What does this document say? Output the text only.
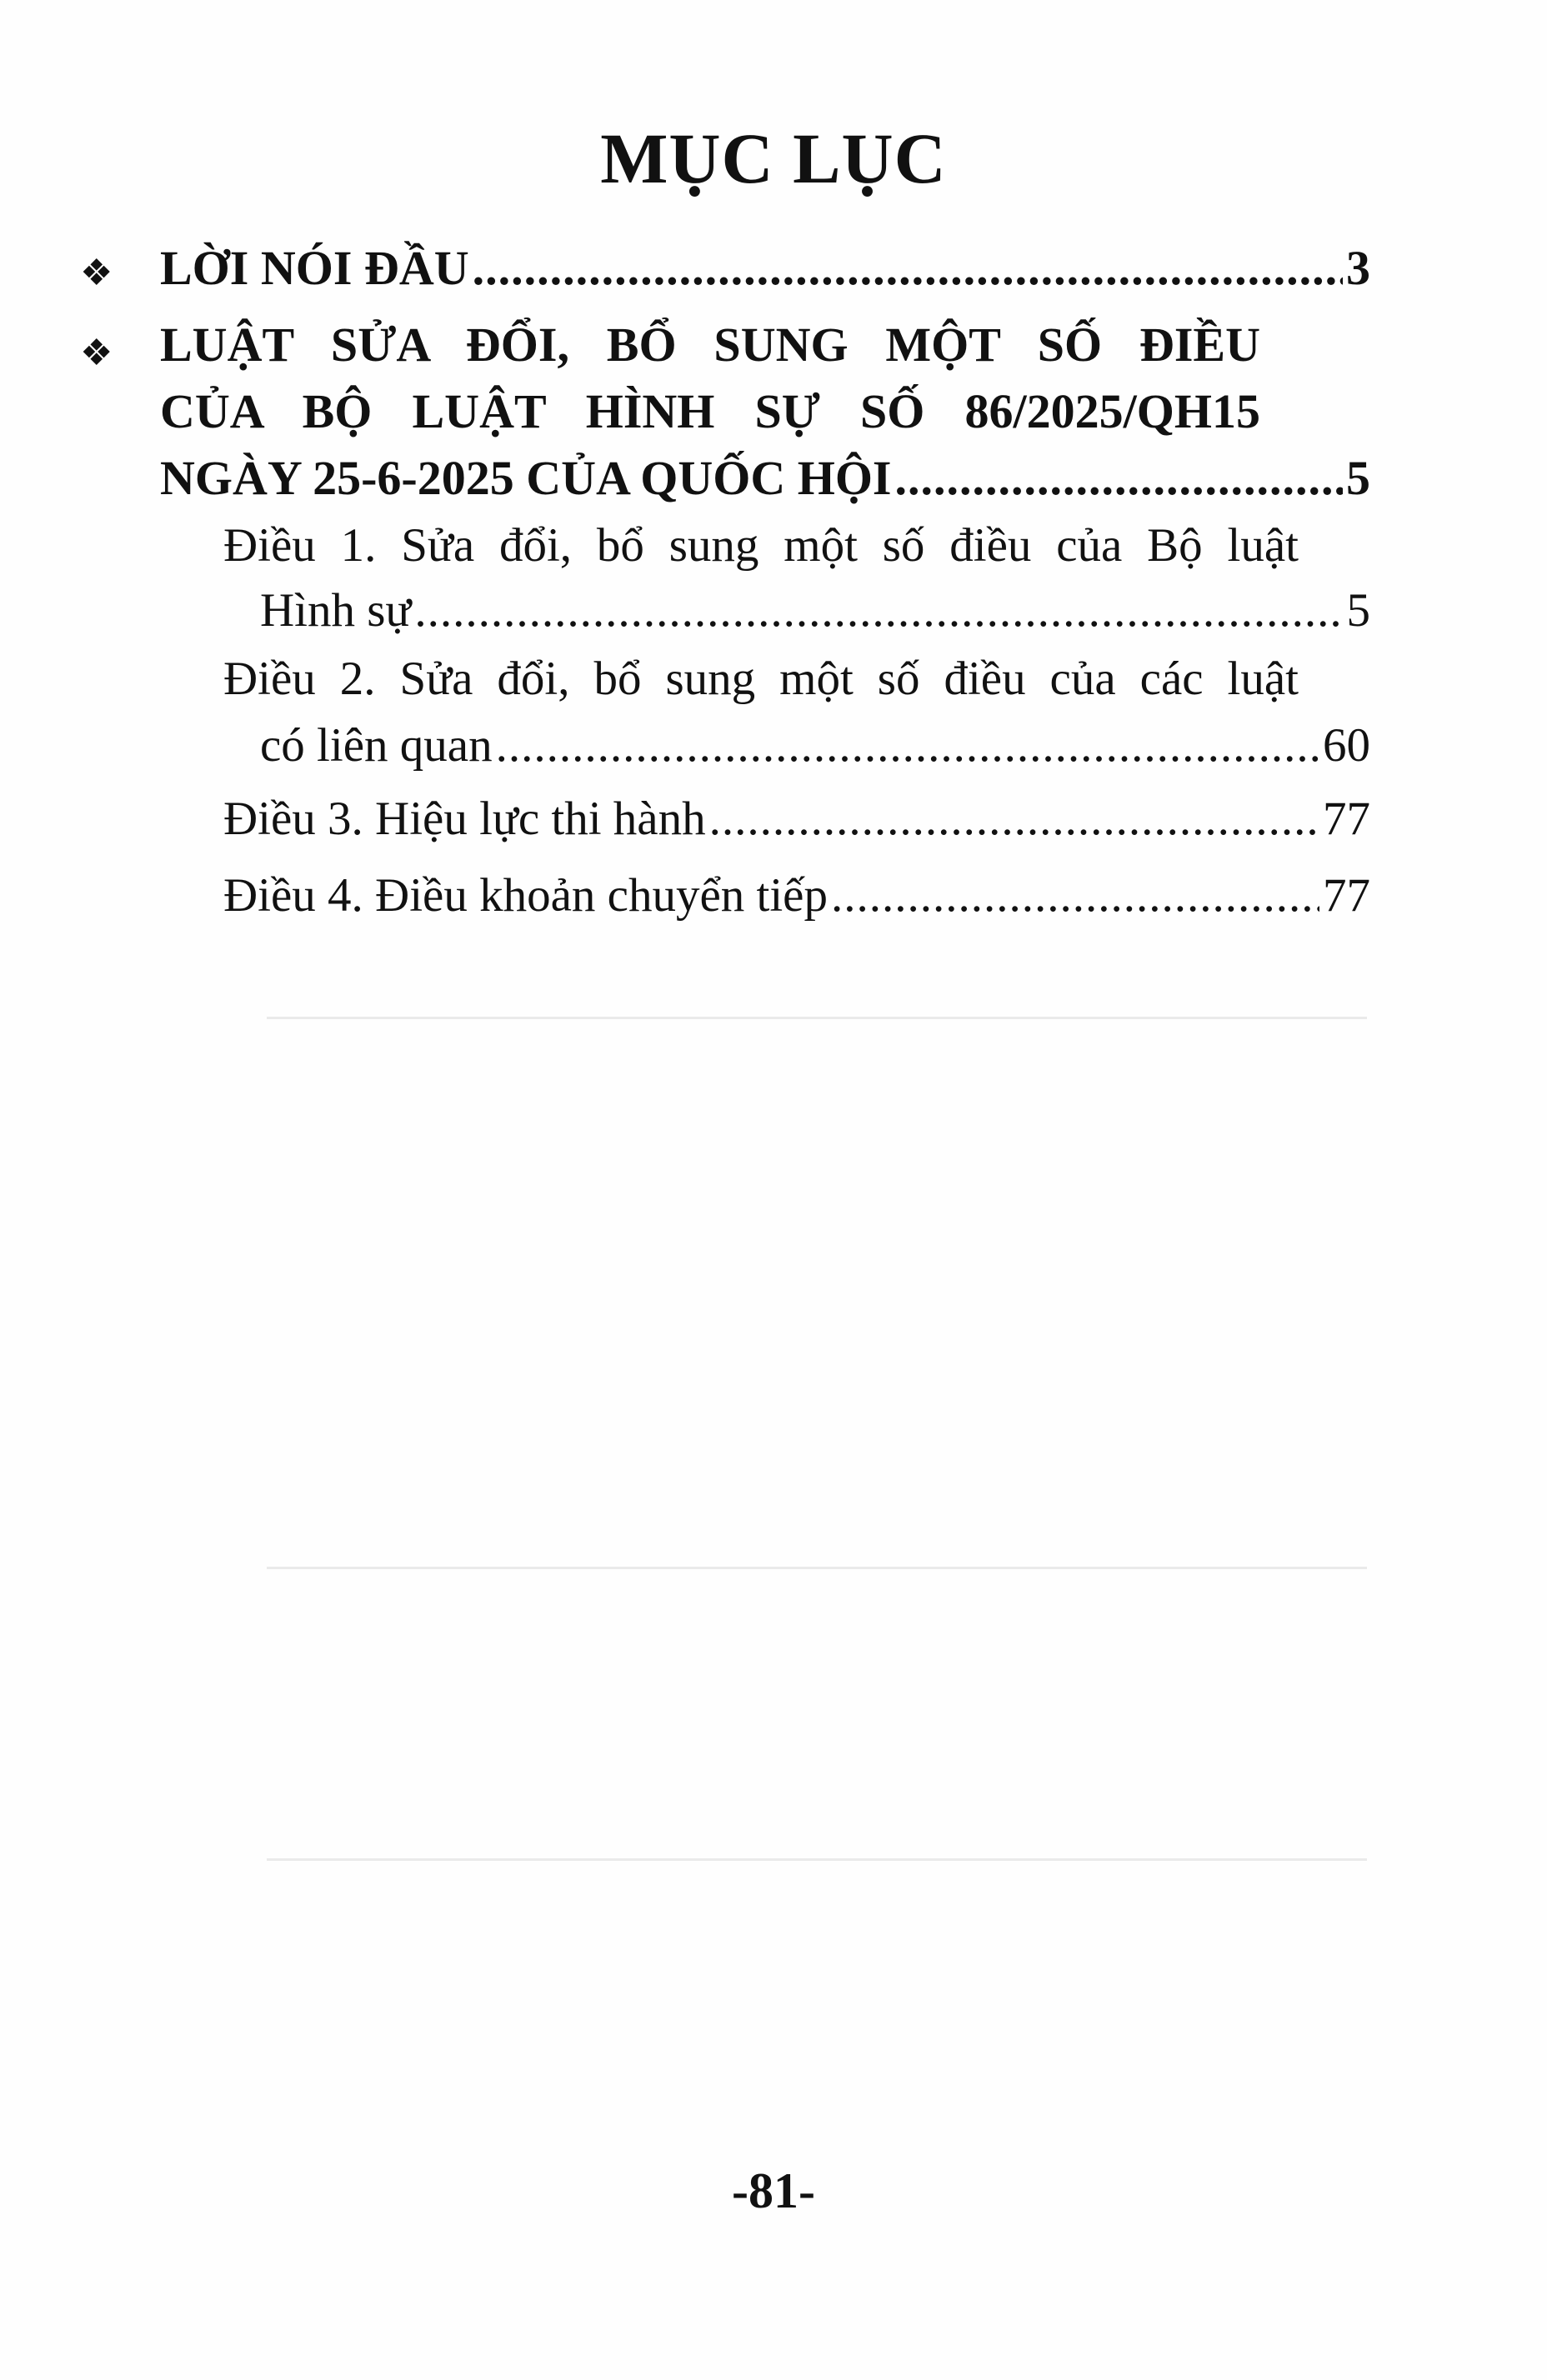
MỤC LỤC
❖ LỜI NÓI ĐẦU .....	3
❖ LUẬT SỬA ĐỔI, BỔ SUNG MỘT SỐ ĐIỀU
CỦA BỘ LUẬT HÌNH SỰ SỐ 86/2025/QH15
NGÀY 25-6-2025 CỦA QUỐC HỘI .....	5
Điều 1. Sửa đổi, bổ sung một số điều của Bộ luật
Hình sự .....	5
Điều 2. Sửa đổi, bổ sung một số điều của các luật
có liên quan .....	60
Điều 3. Hiệu lực thi hành .....	77
Điều 4. Điều khoản chuyển tiếp .....	77
-81-
